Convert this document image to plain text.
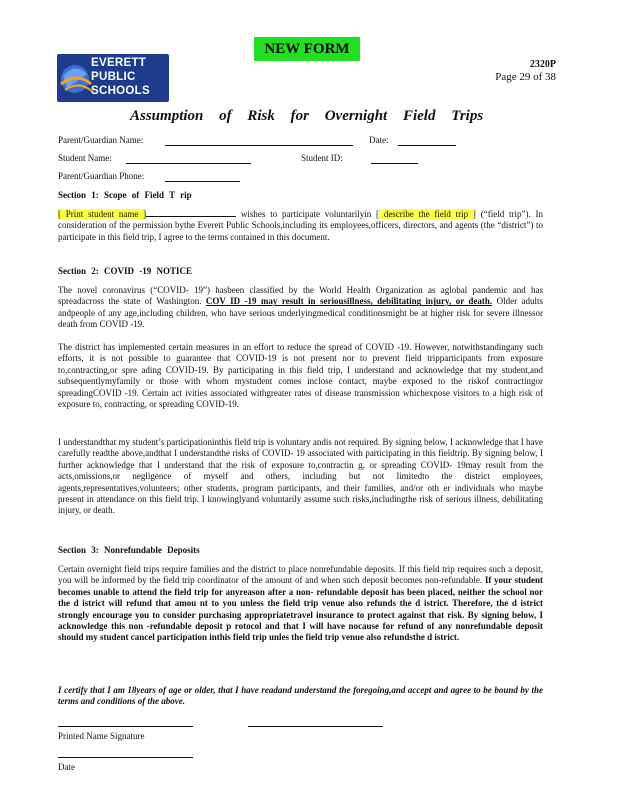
NEW FORM
EVERETT
PUBLIC
SCHOOLS
2320P
Page 29 of 38
Assumption of Risk for Overnight Field Trips
Parent/Guardian Name:	Date:
Student Name:	Student ID:
Parent/Guardian Phone:
Section 1: Scope of Field T rip
[ Print student name ]	wishes to participate voluntarilyin [ describe the field trip ] (“field trip”). In consideration of the permission bythe Everett Public Schools,including its employees,officers, directors, and agents (the “district”) to participate in this field trip, I agree to the terms contained in this document.
Section 2: COVID -19 NOTICE
The novel coronavirus (“COVID- 19”) hasbeen classified by the World Health Organization as aglobal pandemic and has spreadacross the state of Washington. COV ID -19 may result in seriousillness, debilitating injury, or death. Older adults andpeople of any age,including children, who have serious underlyingmedical conditionsmight be at higher risk for severe illnessor death from COVID -19.
The district has implemented certain measures in an effort to reduce the spread of COVID -19. However, notwithstandingany such efforts, it is not possible to guarantee that COVID-19 is not present nor to prevent field tripparticipants from exposure to,contracting,or spre ading COVID-19. By participating in this field trip, I understand and acknowledge that my student,and subsequentlymyfamily or those with whom mystudent comes inclose contact, maybe exposed to the riskof contractingor spreadingCOVID -19. Certain act ivities associated withgreater rates of disease transmission whichexpose visitors to a high risk of exposure to, contracting, or spreading COVID-19.
I understandthat my student’s participationinthis field trip is voluntary andis not required. By signing below, I acknowledge that I have carefully readthe above,andthat I understandthe risks of COVID- 19 associated with participating in this fieldtrip. By signing below, I further acknowledge that I understand that the risk of exposure to,contractin g, or spreading COVID- 19may result from the acts,omissions,or negligence of myself and others, including but not limitedto the district employees, agents,representatives,volunteers; other students, program participants, and their families, and/or oth er individuals who maybe present in attendance on this field trip. I knowinglyand voluntarily assume such risks,includingthe risk of serious illness, debilitating injury, or death.
Section 3: Nonrefundable Deposits
Certain overnight field trips require families and the district to place nonrefundable deposits. If this field trip requires such a deposit, you will be informed by the field trip coordinator of the amount of and when such deposit becomes non-refundable. If your student becomes unable to attend the field trip for anyreason after a non- refundable deposit has been placed, neither the school nor the d istrict will refund that amou nt to you unless the field trip venue also refunds the d istrict. Therefore, the d istrict strongly encourage you to consider purchasing appropriatetravel insurance to protect against that risk. By signing below, I acknowledge this non -refundable deposit p rotocol and that I will have nocause for refund of any nonrefundable deposit should my student cancel participation inthis field trip unles the field trip venue also refundsthe d istrict.
I certify that I am 18years of age or older, that I have readand understand the foregoing,and accept and agree to be bound by the terms and conditions of the above.
Printed Name Signature
Date
